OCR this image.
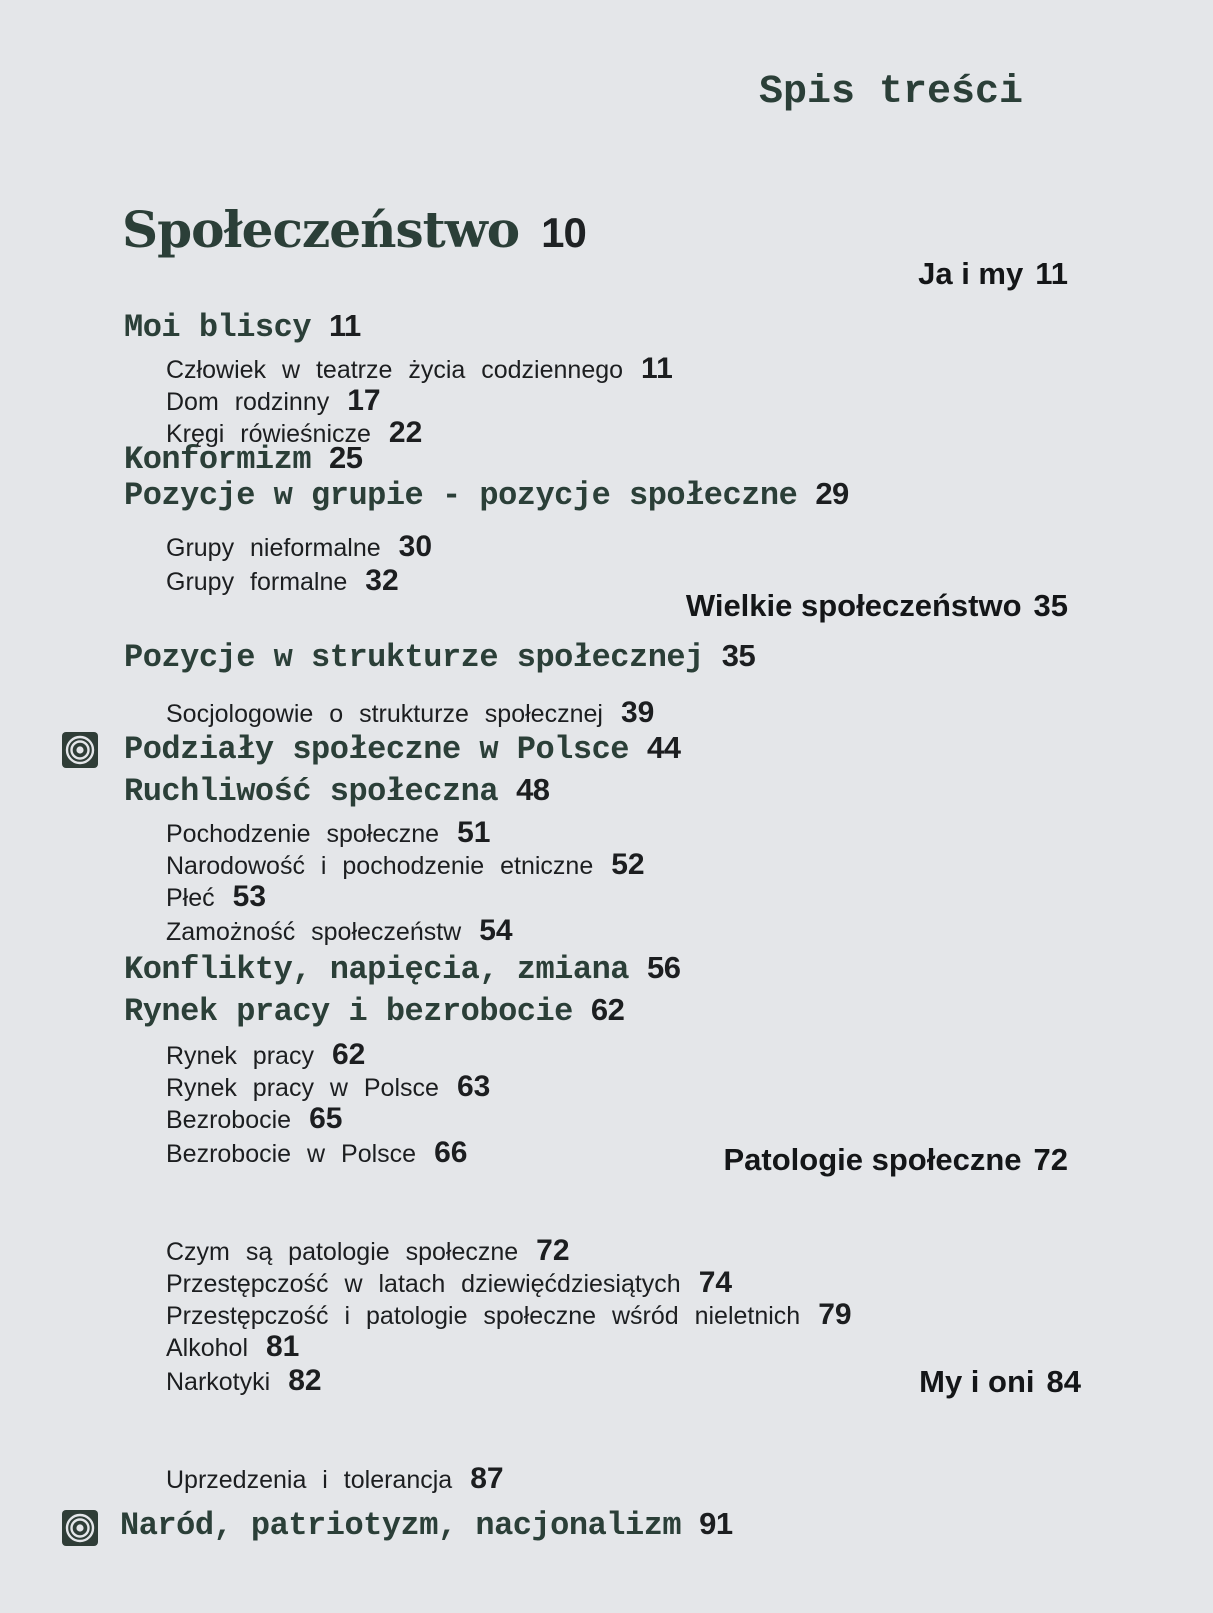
Spis treści
Społeczeństwo 10
Ja i my 11
Wielkie społeczeństwo 35
Patologie społeczne 72
My i oni 84
Moi bliscy 11
Konformizm 25
Pozycje w grupie - pozycje społeczne 29
Pozycje w strukturze społecznej 35
Podziały społeczne w Polsce 44
Ruchliwość społeczna 48
Konflikty, napięcia, zmiana 56
Rynek pracy i bezrobocie 62
Naród, patriotyzm, nacjonalizm 91
Człowiek w teatrze życia codziennego 11
Dom rodzinny 17
Kręgi rówieśnicze 22
Grupy nieformalne 30
Grupy formalne 32
Socjologowie o strukturze społecznej 39
Pochodzenie społeczne 51
Narodowość i pochodzenie etniczne 52
Płeć 53
Zamożność społeczeństw 54
Rynek pracy 62
Rynek pracy w Polsce 63
Bezrobocie 65
Bezrobocie w Polsce 66
Czym są patologie społeczne 72
Przestępczość w latach dziewięćdziesiątych 74
Przestępczość i patologie społeczne wśród nieletnich 79
Alkohol 81
Narkotyki 82
Uprzedzenia i tolerancja 87
